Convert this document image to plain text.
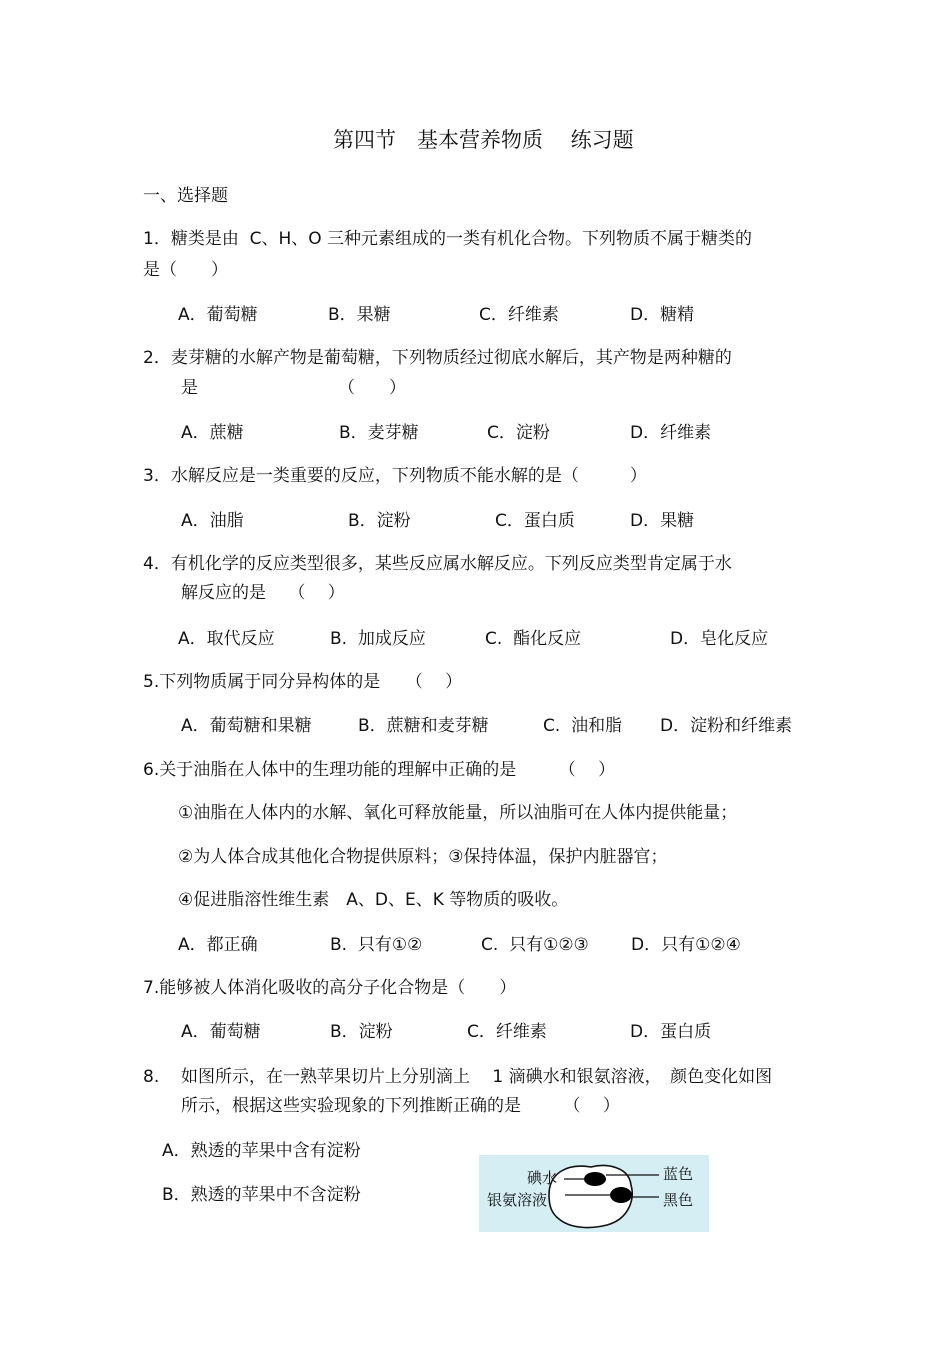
第四节　基本营养物质　 练习题
一、选择题
1．糖类是由  C、H、O 三种元素组成的一类有机化合物。下列物质不属于糖类的
是（　　）
A．葡萄糖	B．果糖	C．纤维素	D．糖精
2．麦芽糖的水解产物是葡萄糖，下列物质经过彻底水解后，其产物是两种糖的
是	（　　）
A．蔗糖	B．麦芽糖	C．淀粉	D．纤维素
3．水解反应是一类重要的反应，下列物质不能水解的是（　　　）
A．油脂	B．淀粉	C．蛋白质	D．果糖
4．有机化学的反应类型很多，某些反应属水解反应。下列反应类型肯定属于水
解反应的是　 （　 ）
A．取代反应	B.  加成反应	C.  酯化反应	D．皂化反应
5.下列物质属于同分异构体的是　　（　 ）
A．葡萄糖和果糖	B．蔗糖和麦芽糖	C.  油和脂 D．淀粉和纤维素
6.关于油脂在人体中的生理功能的理解中正确的是　　　（　 ）
①油脂在人体内的水解、氧化可释放能量，所以油脂可在人体内提供能量；
②为人体合成其他化合物提供原料；③保持体温，保护内脏器官；
④促进脂溶性维生素　A、D、E、K 等物质的吸收。
A．都正确	B.  只有①②	C.  只有①②③ D．只有①②④
7.能够被人体消化吸收的高分子化合物是（　　）
A．葡萄糖	B．淀粉	C．纤维素	D．蛋白质
8. 如图所示，在一熟苹果切片上分别滴上　 1 滴碘水和银氨溶液，　颜色变化如图
所示，根据这些实验现象的下列推断正确的是　　　（　 ）
A．熟透的苹果中含有淀粉
B．熟透的苹果中不含淀粉
碘水
银氨溶液
蓝色
黑色
